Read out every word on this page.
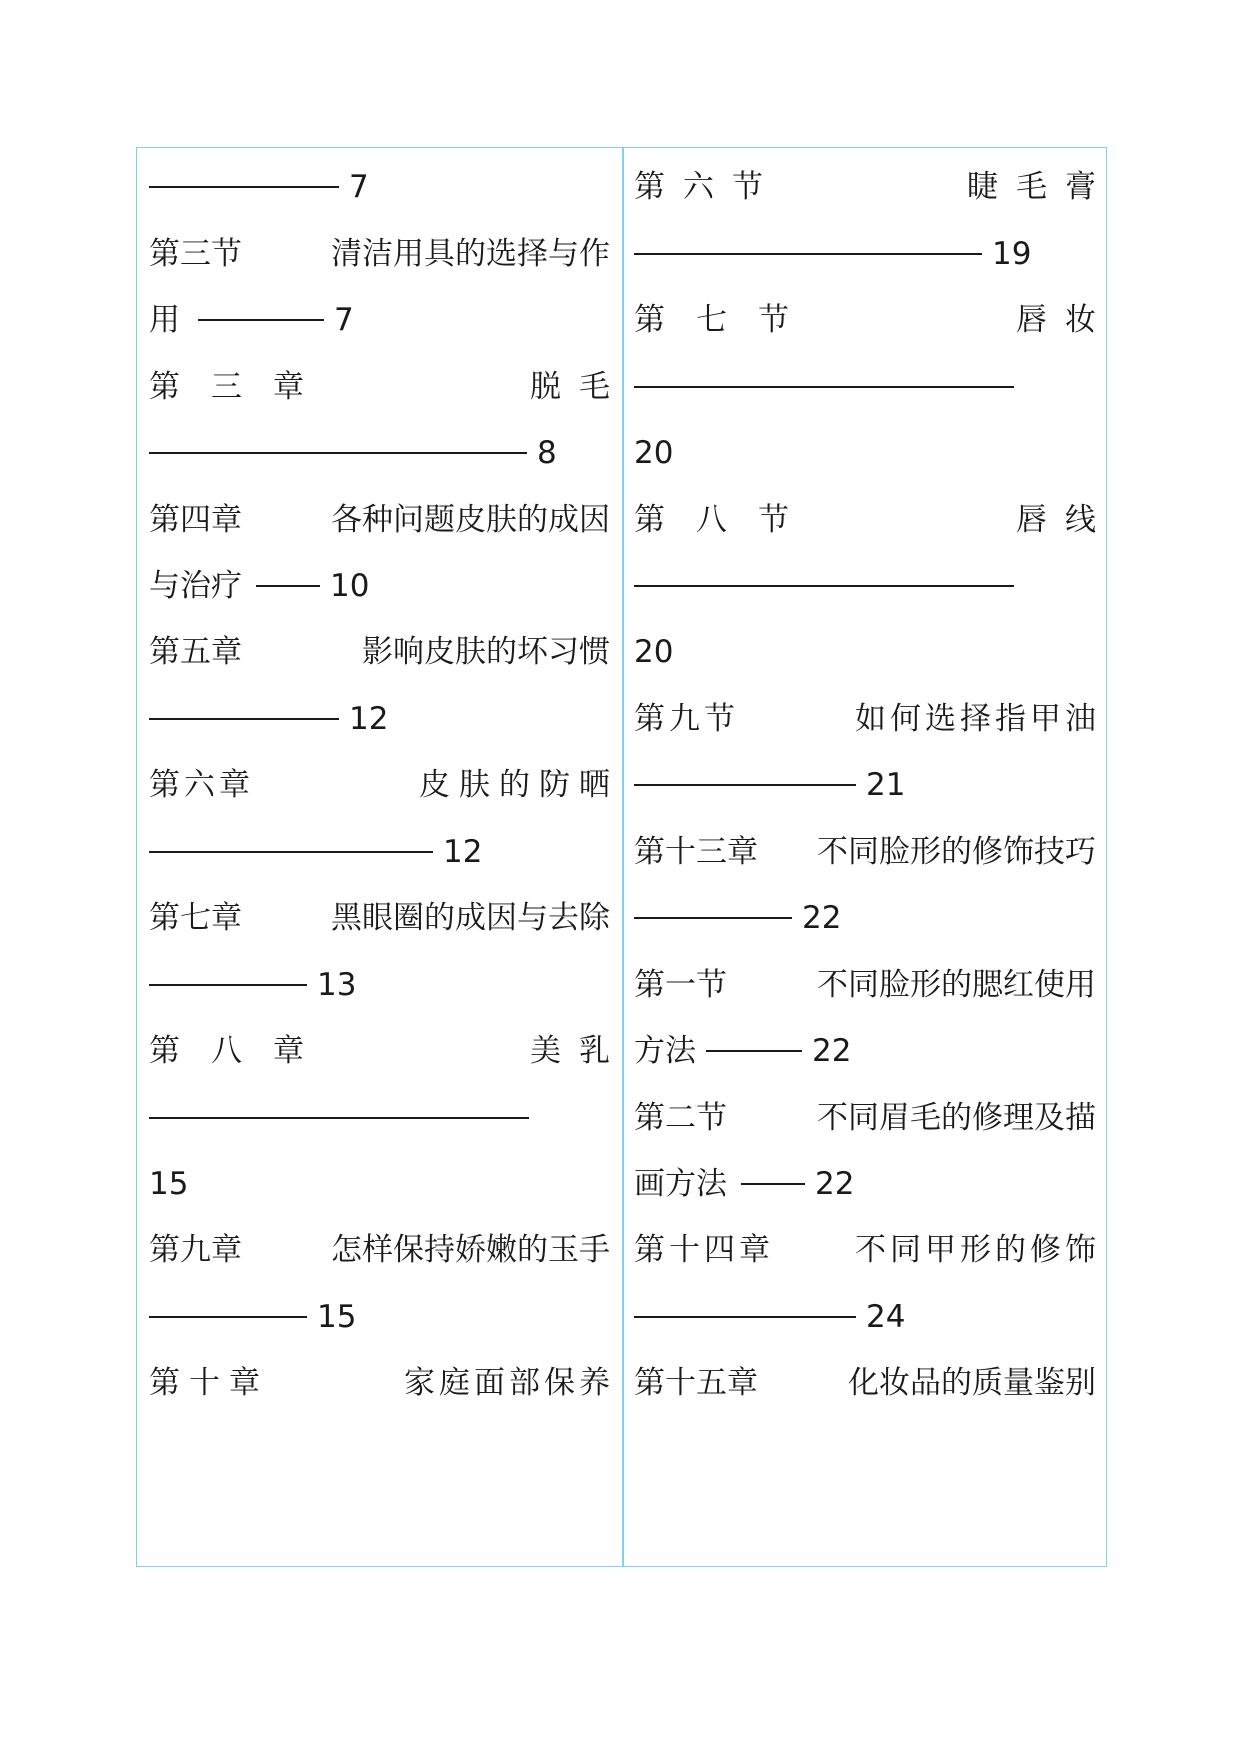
7
第三节	清洁用具的选择与作
用	7
第三章	脱毛
8
第四章	各种问题皮肤的成因
与治疗	10
第五章	影响皮肤的坏习惯
12
第六章	皮肤的防晒
12
第七章	黑眼圈的成因与去除
13
第八章	美乳
15
第九章	怎样保持娇嫩的玉手
15
第十章	家庭面部保养
第六节	睫毛膏
19
第七节	唇妆
20
第八节	唇线
20
第九节	如何选择指甲油
21
第十三章 不同脸形的修饰技巧
22
第一节	不同脸形的腮红使用
方法	22
第二节	不同眉毛的修理及描
画方法	22
第十四章	不同甲形的修饰
24
第十五章	化妆品的质量鉴别
